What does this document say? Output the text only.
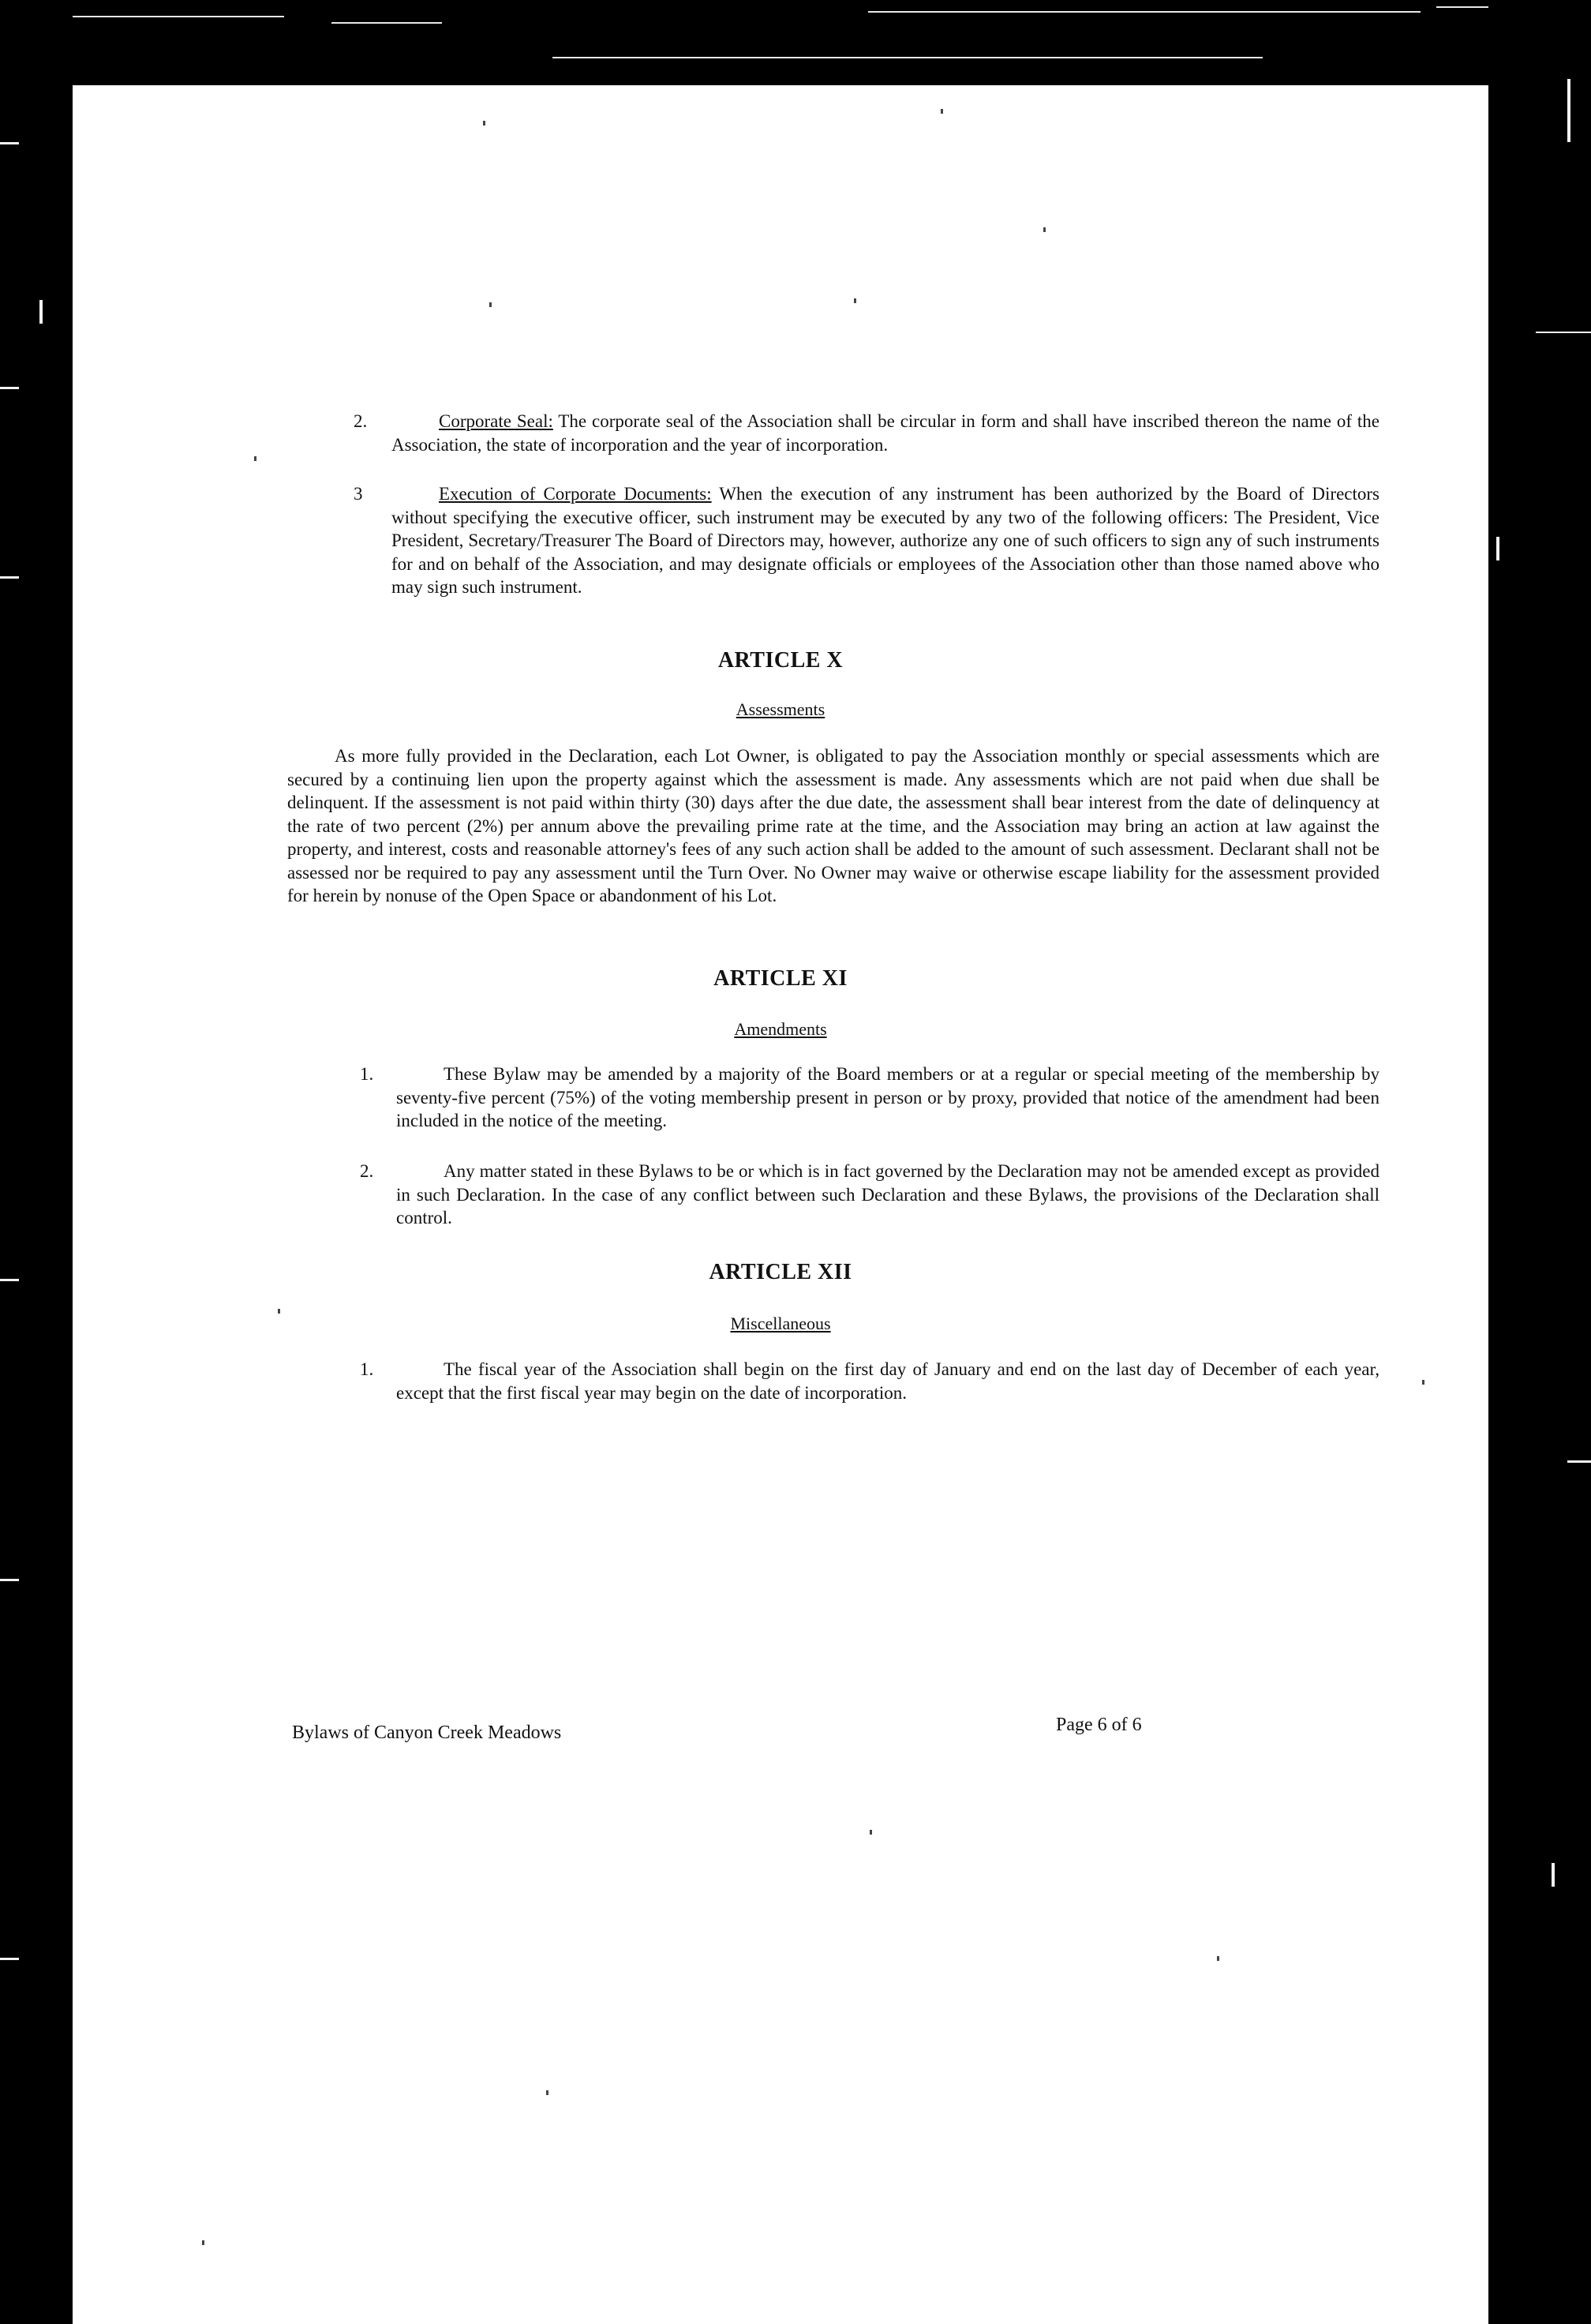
2.	Corporate Seal: The corporate seal of the Association shall be circular in form and shall have inscribed thereon the name of the Association, the state of incorporation and the year of incorporation.
3	Execution of Corporate Documents: When the execution of any instrument has been authorized by the Board of Directors without specifying the executive officer, such instrument may be executed by any two of the following officers: The President, Vice President, Secretary/Treasurer The Board of Directors may, however, authorize any one of such officers to sign any of such instruments for and on behalf of the Association, and may designate officials or employees of the Association other than those named above who may sign such instrument.
ARTICLE X
Assessments
As more fully provided in the Declaration, each Lot Owner, is obligated to pay the Association monthly or special assessments which are secured by a continuing lien upon the property against which the assessment is made. Any assessments which are not paid when due shall be delinquent. If the assessment is not paid within thirty (30) days after the due date, the assessment shall bear interest from the date of delinquency at the rate of two percent (2%) per annum above the prevailing prime rate at the time, and the Association may bring an action at law against the property, and interest, costs and reasonable attorney's fees of any such action shall be added to the amount of such assessment. Declarant shall not be assessed nor be required to pay any assessment until the Turn Over. No Owner may waive or otherwise escape liability for the assessment provided for herein by nonuse of the Open Space or abandonment of his Lot.
ARTICLE XI
Amendments
1.	These Bylaw may be amended by a majority of the Board members or at a regular or special meeting of the membership by seventy-five percent (75%) of the voting membership present in person or by proxy, provided that notice of the amendment had been included in the notice of the meeting.
2.	Any matter stated in these Bylaws to be or which is in fact governed by the Declaration may not be amended except as provided in such Declaration. In the case of any conflict between such Declaration and these Bylaws, the provisions of the Declaration shall control.
ARTICLE XII
Miscellaneous
1.	The fiscal year of the Association shall begin on the first day of January and end on the last day of December of each year, except that the first fiscal year may begin on the date of incorporation.
Bylaws of Canyon Creek Meadows	Page 6 of 6
